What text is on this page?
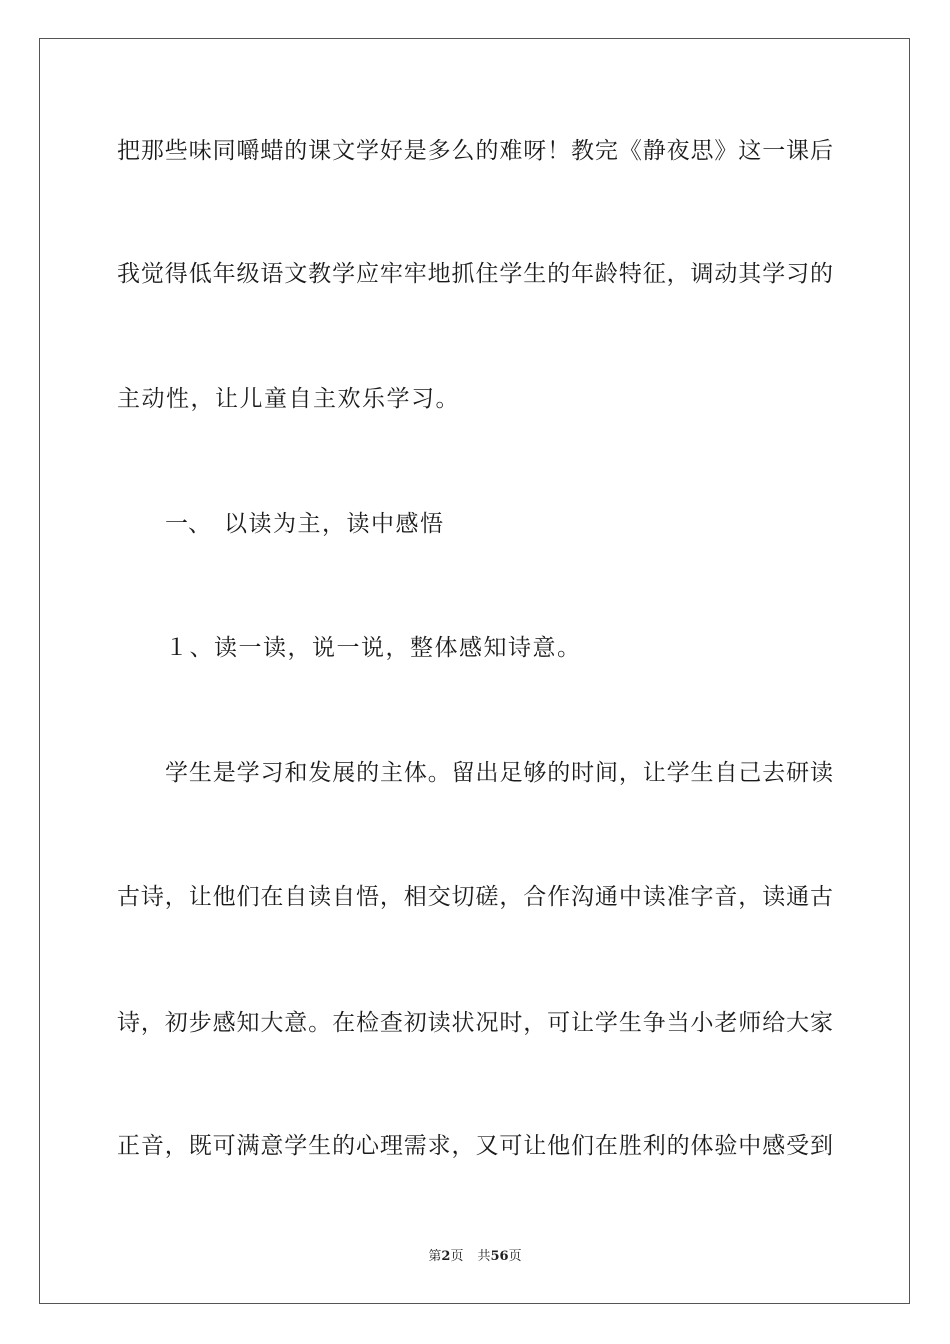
把那些味同嚼蜡的课文学好是多么的难呀！教完《静夜思》这一课后
我觉得低年级语文教学应牢牢地抓住学生的年龄特征，调动其学习的
主动性，让儿童自主欢乐学习。
一、 以读为主，读中感悟
１、读一读，说一说，整体感知诗意。
学生是学习和发展的主体。留出足够的时间，让学生自己去研读
古诗，让他们在自读自悟，相交切磋，合作沟通中读准字音，读通古
诗，初步感知大意。在检查初读状况时，可让学生争当小老师给大家
正音，既可满意学生的心理需求，又可让他们在胜利的体验中感受到
第2页 共56页
